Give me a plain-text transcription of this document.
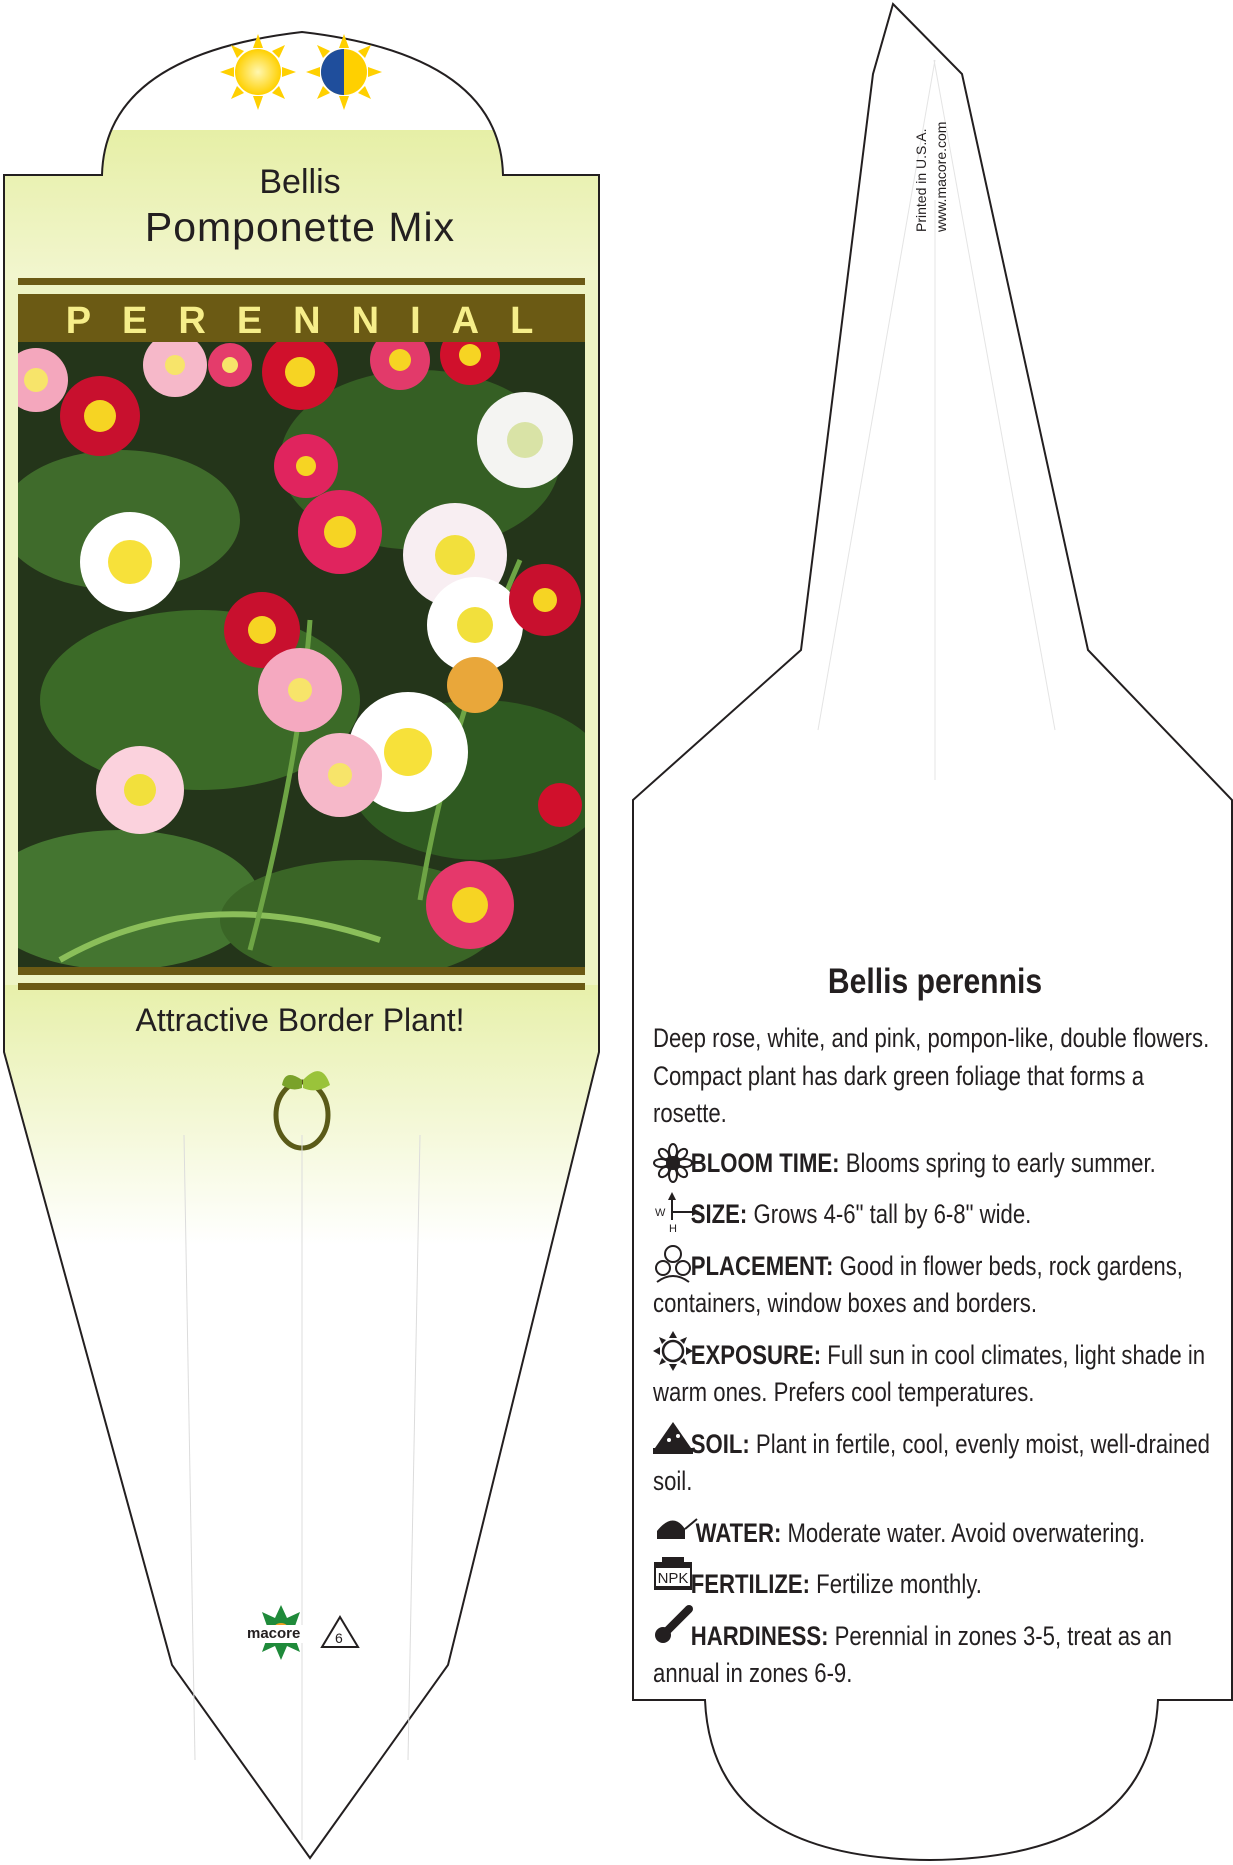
W
H
NPK
Bellis
Pomponette Mix
PERENNIAL
Attractive Border Plant!
macore 6
Printed in U.S.A. www.macore.com
Bellis perennis

Deep rose, white, and pink, pompon-like, double flowers. Compact plant has dark green foliage that forms a rosette.

BLOOM TIME: Blooms spring to early summer.
SIZE: Grows 4-6" tall by 6-8" wide.
PLACEMENT: Good in flower beds, rock gardens, containers, window boxes and borders.
EXPOSURE: Full sun in cool climates, light shade in warm ones. Prefers cool temperatures.
SOIL: Plant in fertile, cool, evenly moist, well-drained soil.
WATER: Moderate water. Avoid overwatering.
FERTILIZE: Fertilize monthly.
HARDINESS: Perennial in zones 3-5, treat as an annual in zones 6-9.
